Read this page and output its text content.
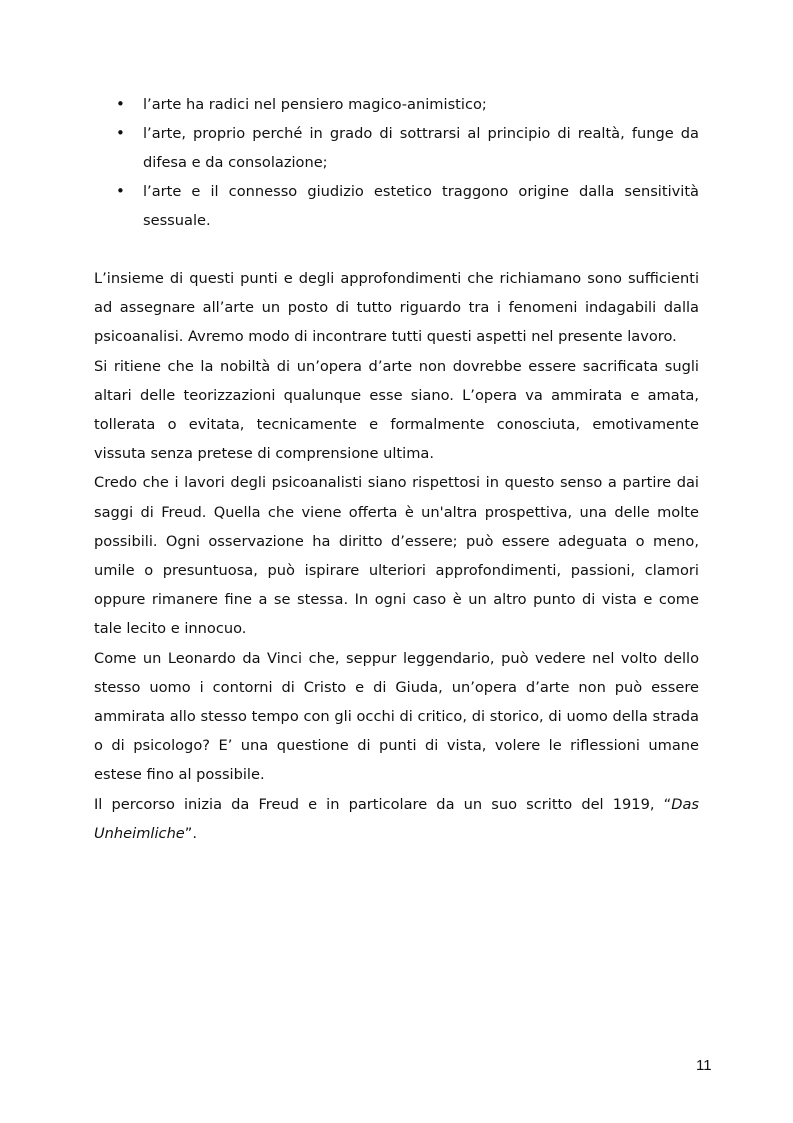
• l’arte ha radici nel pensiero magico-animistico;
• l’arte, proprio perché in grado di sottrarsi al principio di realtà, funge da difesa e da consolazione;
• l’arte e il connesso giudizio estetico traggono origine dalla sensitività sessuale.

L’insieme di questi punti e degli approfondimenti che richiamano sono sufficienti ad assegnare all’arte un posto di tutto riguardo tra i fenomeni indagabili dalla psicoanalisi. Avremo modo di incontrare tutti questi aspetti nel presente lavoro.

Si ritiene che la nobiltà di un’opera d’arte non dovrebbe essere sacrificata sugli altari delle teorizzazioni qualunque esse siano. L’opera va ammirata e amata, tollerata o evitata, tecnicamente e formalmente conosciuta, emotivamente vissuta senza pretese di comprensione ultima.

Credo che i lavori degli psicoanalisti siano rispettosi in questo senso a partire dai saggi di Freud. Quella che viene offerta è un'altra prospettiva, una delle molte possibili. Ogni osservazione ha diritto d’essere; può essere adeguata o meno, umile o presuntuosa, può ispirare ulteriori approfondimenti, passioni, clamori oppure rimanere fine a se stessa. In ogni caso è un altro punto di vista e come tale lecito e innocuo.

Come un Leonardo da Vinci che, seppur leggendario, può vedere nel volto dello stesso uomo i contorni di Cristo e di Giuda, un’opera d’arte non può essere ammirata allo stesso tempo con gli occhi di critico, di storico, di uomo della strada o di psicologo? E’ una questione di punti di vista, volere le riflessioni umane estese fino al possibile.

Il percorso inizia da Freud e in particolare da un suo scritto del 1919, “Das Unheimliche”.

11
